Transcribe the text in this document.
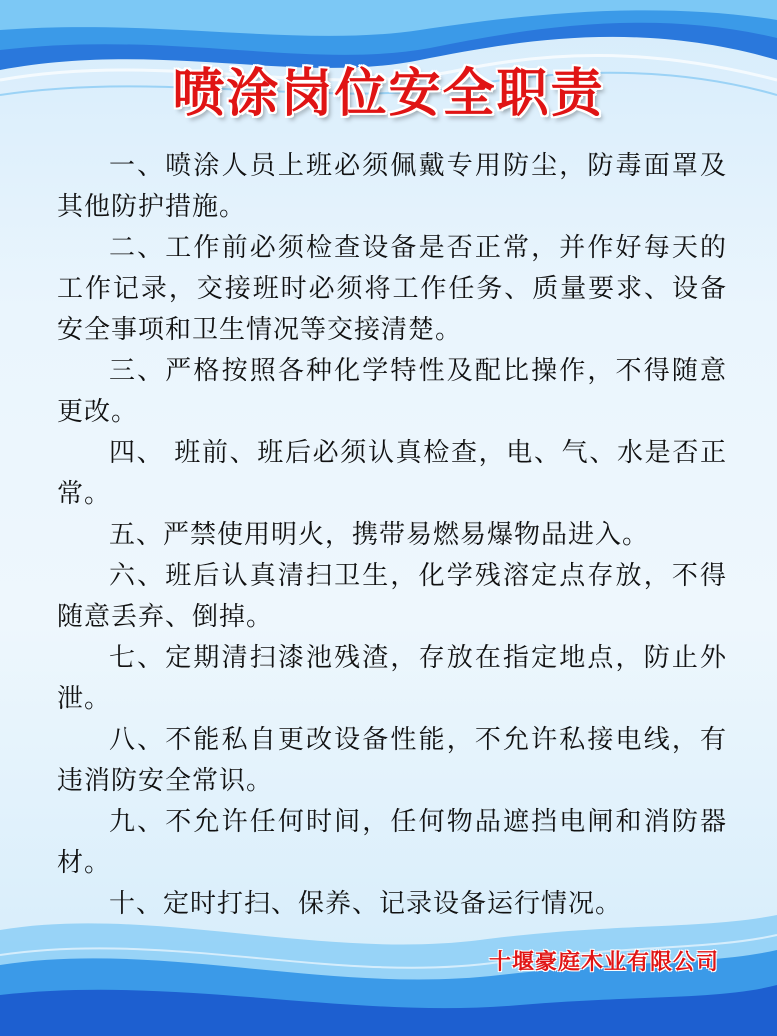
喷涂岗位安全职责

一、喷涂人员上班必须佩戴专用防尘，防毒面罩及其他防护措施。

二、工作前必须检查设备是否正常，并作好每天的工作记录，交接班时必须将工作任务、质量要求、设备安全事项和卫生情况等交接清楚。

三、严格按照各种化学特性及配比操作，不得随意更改。

四、 班前、班后必须认真检查，电、气、水是否正常。

五、严禁使用明火，携带易燃易爆物品进入。

六、班后认真清扫卫生，化学残溶定点存放，不得随意丢弃、倒掉。

七、定期清扫漆池残渣，存放在指定地点，防止外泄。

八、不能私自更改设备性能，不允许私接电线，有违消防安全常识。

九、不允许任何时间，任何物品遮挡电闸和消防器材。

十、定时打扫、保养、记录设备运行情况。

十堰豪庭木业有限公司
